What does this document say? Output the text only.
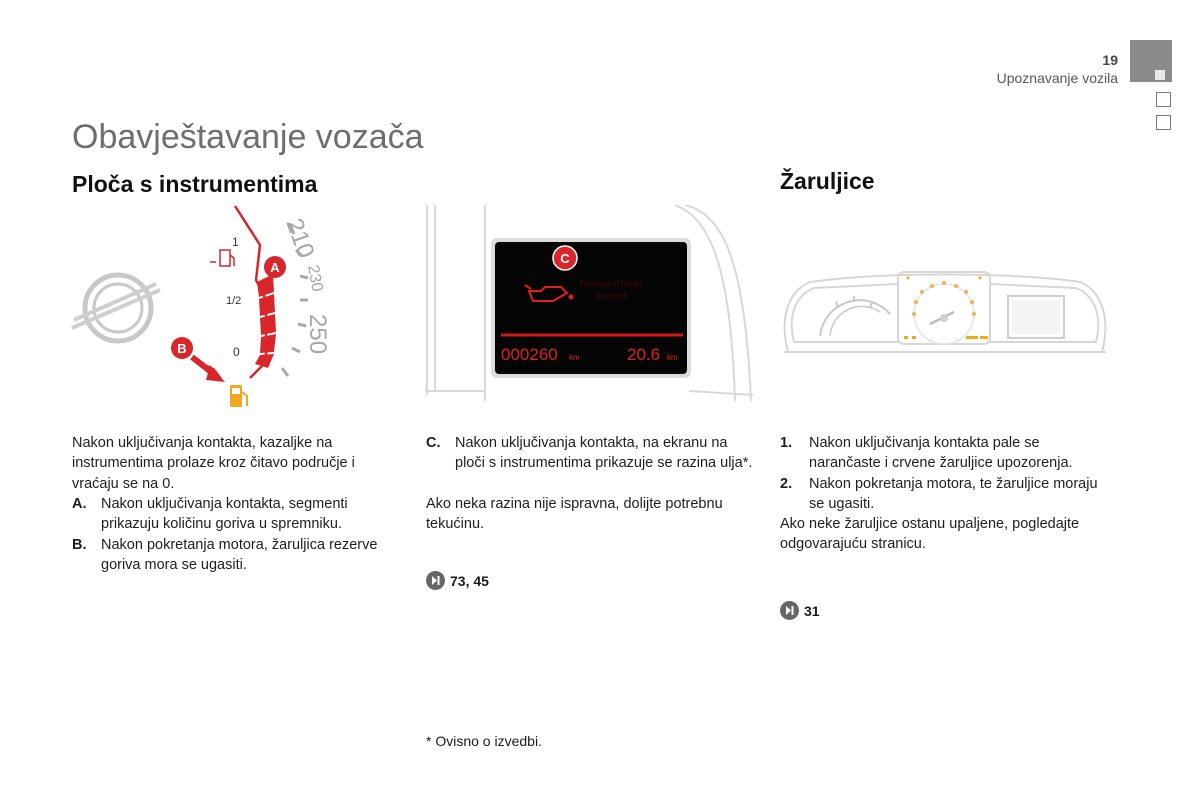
19
Upoznavanje vozila
Obavještavanje vozača
Ploča s instrumentima
1
1/2
0
210
230
250
A
B
Nakon uključivanja kontakta, kazaljke na instrumentima prolaze kroz čitavo područje i vraćaju se na 0.
A.	Nakon uključivanja kontakta, segmenti prikazuju količinu goriva u spremniku.
B.	Nakon pokretanja motora, žaruljica rezerve goriva mora se ugasiti.
Niveau d'huile
correct
000260 km	20.6 km
C
C.	Nakon uključivanja kontakta, na ekranu na ploči s instrumentima prikazuje se razina ulja*.
Ako neka razina nije ispravna, dolijte potrebnu tekućinu.
73, 45
Žaruljice
1.	Nakon uključivanja kontakta pale se narančaste i crvene žaruljice upozorenja.
2.	Nakon pokretanja motora, te žaruljice moraju se ugasiti.
Ako neke žaruljice ostanu upaljene, pogledajte odgovarajuću stranicu.
31
* Ovisno o izvedbi.
